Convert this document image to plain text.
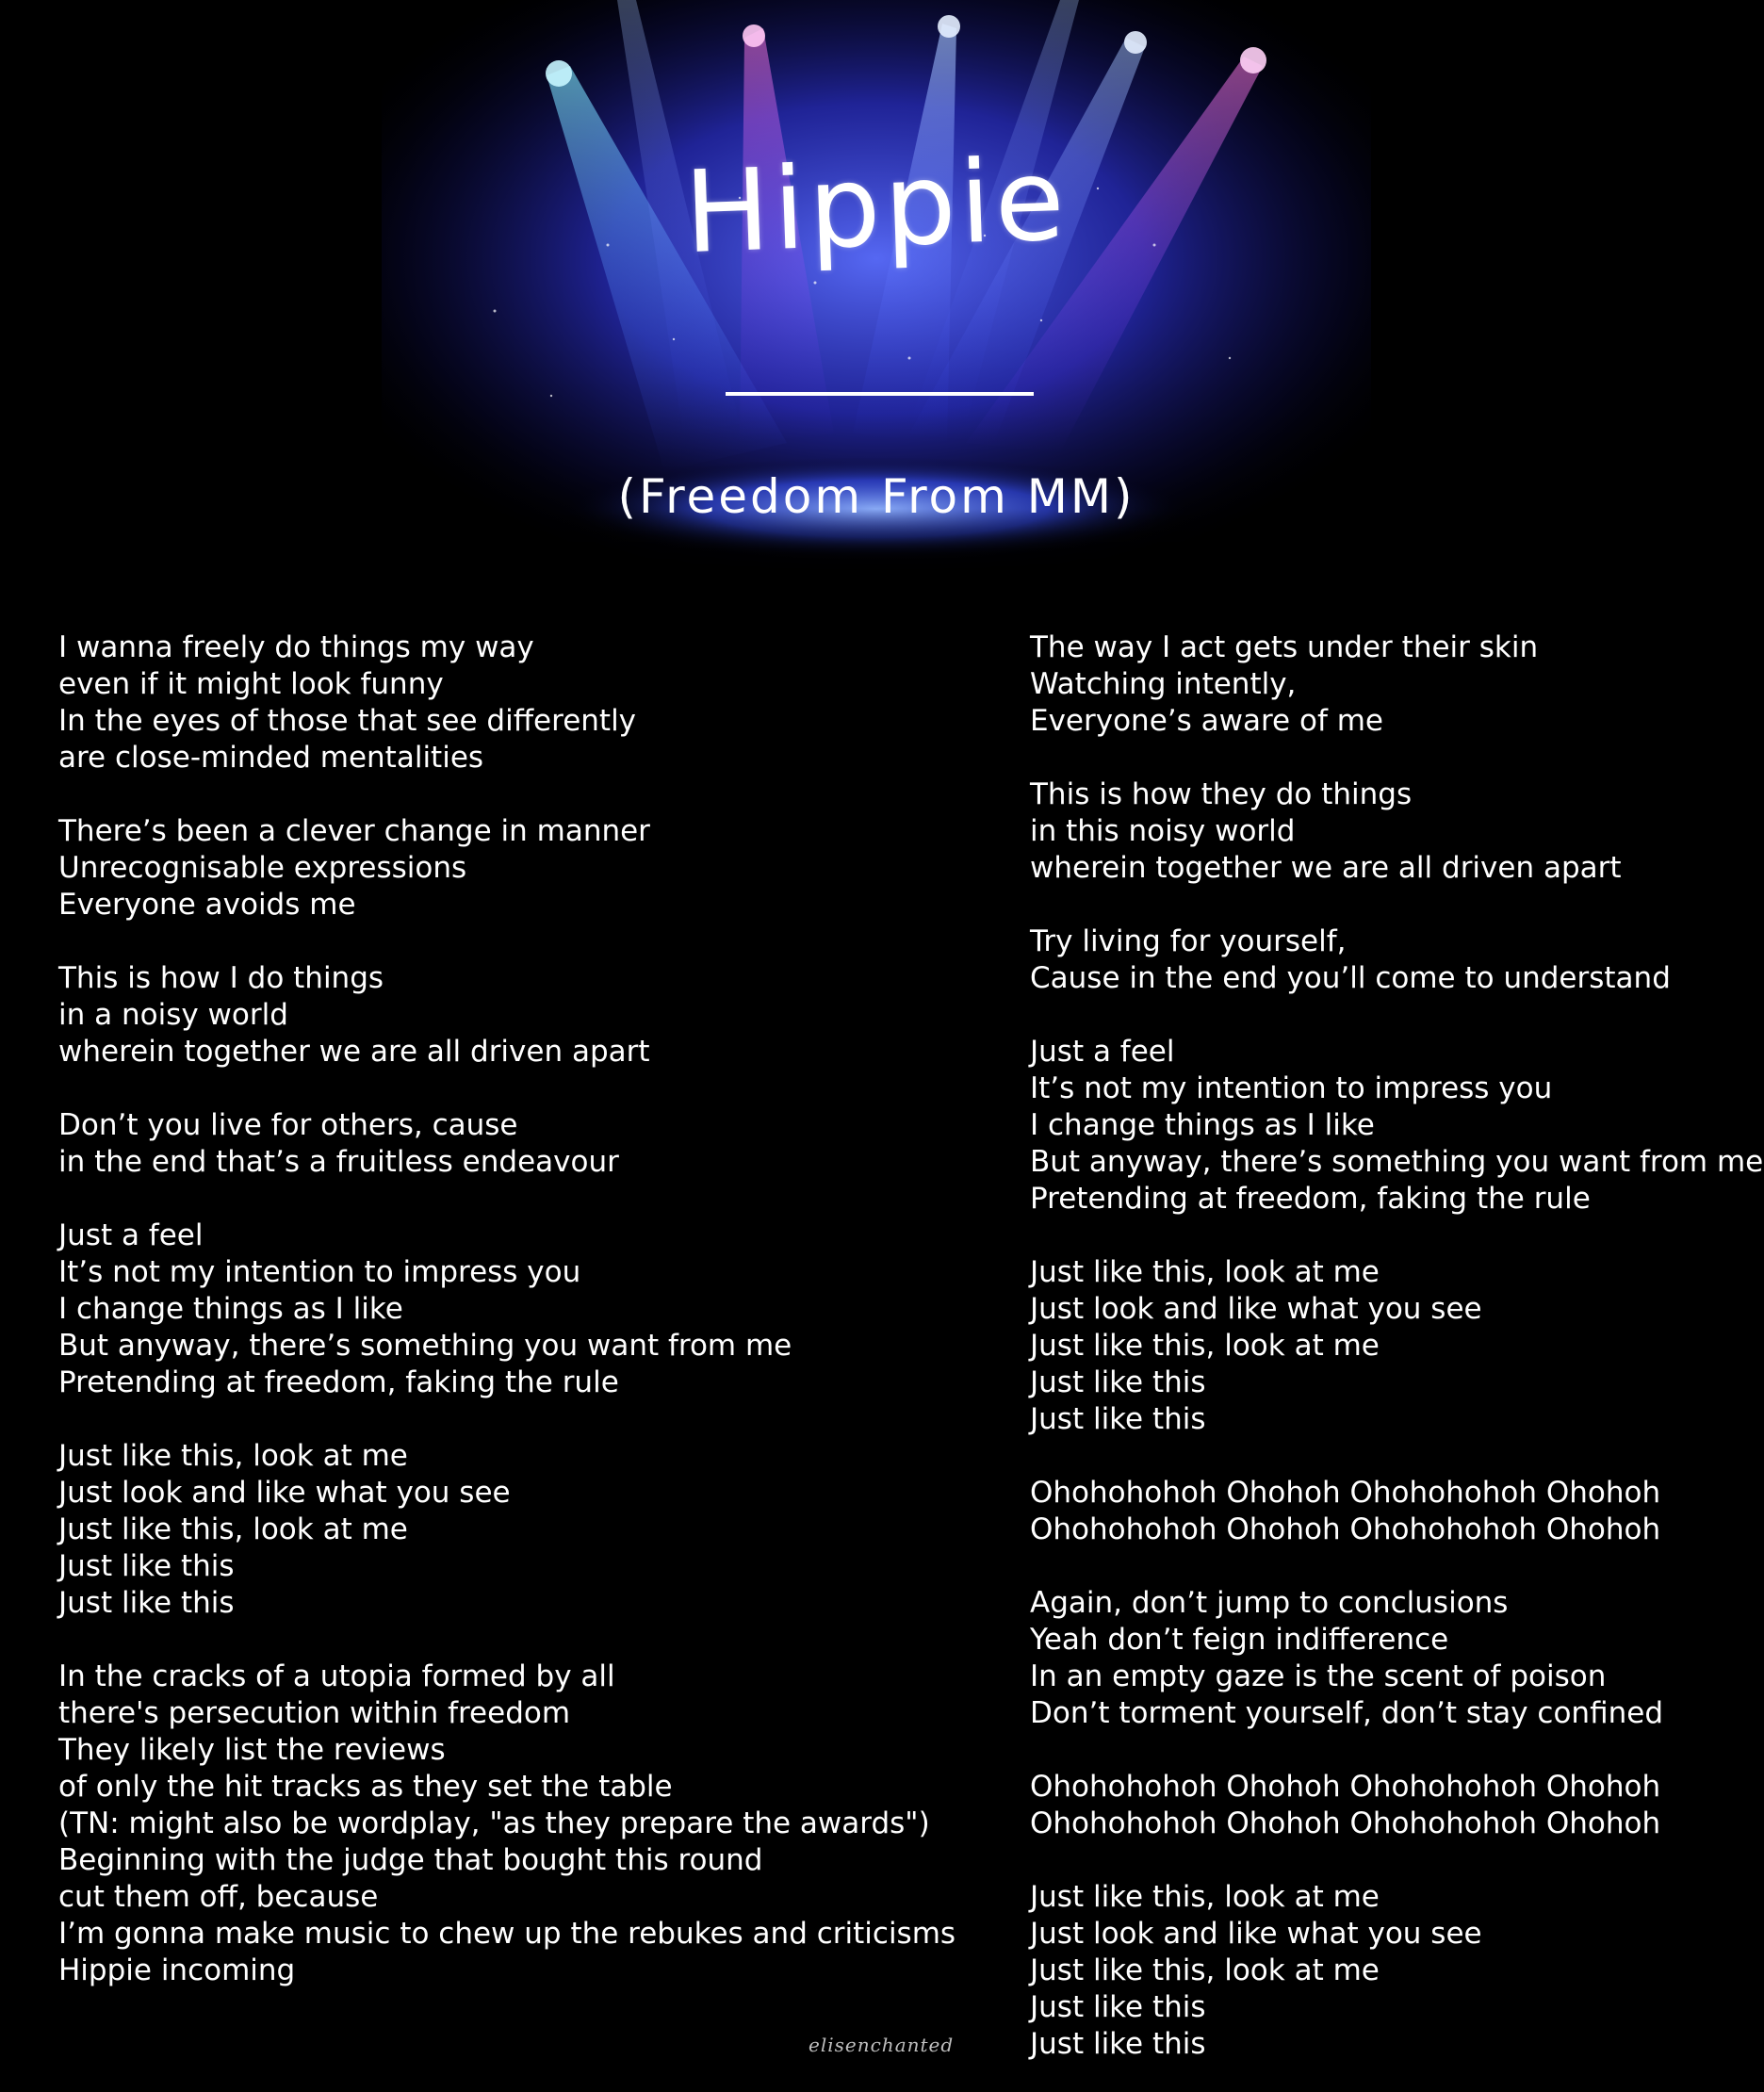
Hippie
(Freedom From MM)
I wanna freely do things my way
even if it might look funny
In the eyes of those that see differently
are close-minded mentalities
There’s been a clever change in manner
Unrecognisable expressions
Everyone avoids me
This is how I do things
in a noisy world
wherein together we are all driven apart
Don’t you live for others, cause
in the end that’s a fruitless endeavour
Just a feel
It’s not my intention to impress you
I change things as I like
But anyway, there’s something you want from me
Pretending at freedom, faking the rule
Just like this, look at me
Just look and like what you see
Just like this, look at me
Just like this
Just like this
In the cracks of a utopia formed by all
there's persecution within freedom
They likely list the reviews
of only the hit tracks as they set the table
(TN: might also be wordplay, "as they prepare the awards")
Beginning with the judge that bought this round
cut them off, because
I’m gonna make music to chew up the rebukes and criticisms
Hippie incoming
The way I act gets under their skin
Watching intently,
Everyone’s aware of me
This is how they do things
in this noisy world
wherein together we are all driven apart
Try living for yourself,
Cause in the end you’ll come to understand
Just a feel
It’s not my intention to impress you
I change things as I like
But anyway, there’s something you want from me
Pretending at freedom, faking the rule
Just like this, look at me
Just look and like what you see
Just like this, look at me
Just like this
Just like this
Ohohohohoh Ohohoh Ohohohohoh Ohohoh
Ohohohohoh Ohohoh Ohohohohoh Ohohoh
Again, don’t jump to conclusions
Yeah don’t feign indifference
In an empty gaze is the scent of poison
Don’t torment yourself, don’t stay confined
Ohohohohoh Ohohoh Ohohohohoh Ohohoh
Ohohohohoh Ohohoh Ohohohohoh Ohohoh
Just like this, look at me
Just look and like what you see
Just like this, look at me
Just like this
Just like this
elisenchanted
